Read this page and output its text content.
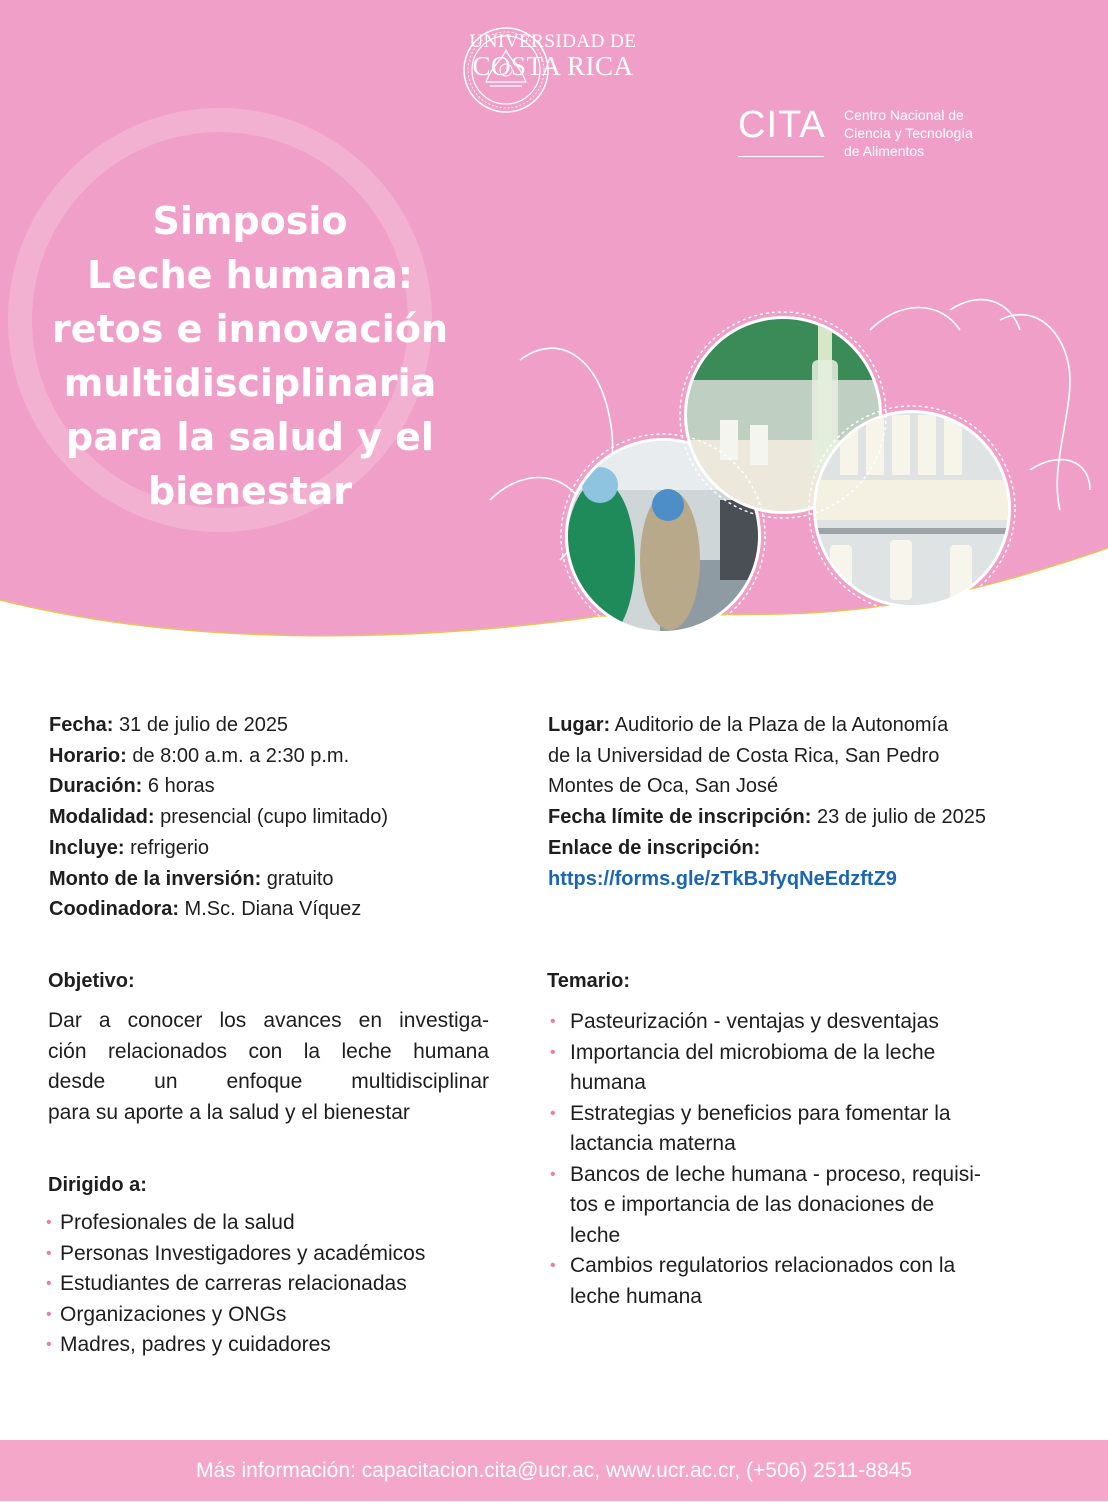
UNIVERSIDAD DE
COSTA RICA
CITA Centro Nacional de
Ciencia y Tecnología
de Alimentos
Simposio
Leche humana:
retos e innovación
multidisciplinaria
para la salud y el
bienestar
Fecha: 31 de julio de 2025
Horario: de 8:00 a.m. a 2:30 p.m.
Duración: 6 horas
Modalidad: presencial (cupo limitado)
Incluye: refrigerio
Monto de la inversión: gratuito
Coodinadora: M.Sc. Diana Víquez
Lugar: Auditorio de la Plaza de la Autonomía
de la Universidad de Costa Rica, San Pedro
Montes de Oca, San José
Fecha límite de inscripción: 23 de julio de 2025
Enlace de inscripción:
https://forms.gle/zTkBJfyqNeEdzftZ9
Objetivo:
Dar a conocer los avances en investiga-
ción relacionados con la leche humana
desde un enfoque multidisciplinar
para su aporte a la salud y el bienestar
Dirigido a:
• Profesionales de la salud
• Personas Investigadores y académicos
• Estudiantes de carreras relacionadas
• Organizaciones y ONGs
• Madres, padres y cuidadores
Temario:
• Pasteurización - ventajas y desventajas
• Importancia del microbioma de la leche
humana
• Estrategias y beneficios para fomentar la
lactancia materna
• Bancos de leche humana - proceso, requisi-
tos e importancia de las donaciones de
leche
• Cambios regulatorios relacionados con la
leche humana
Más información: capacitacion.cita@ucr.ac, www.ucr.ac.cr, (+506) 2511-8845
